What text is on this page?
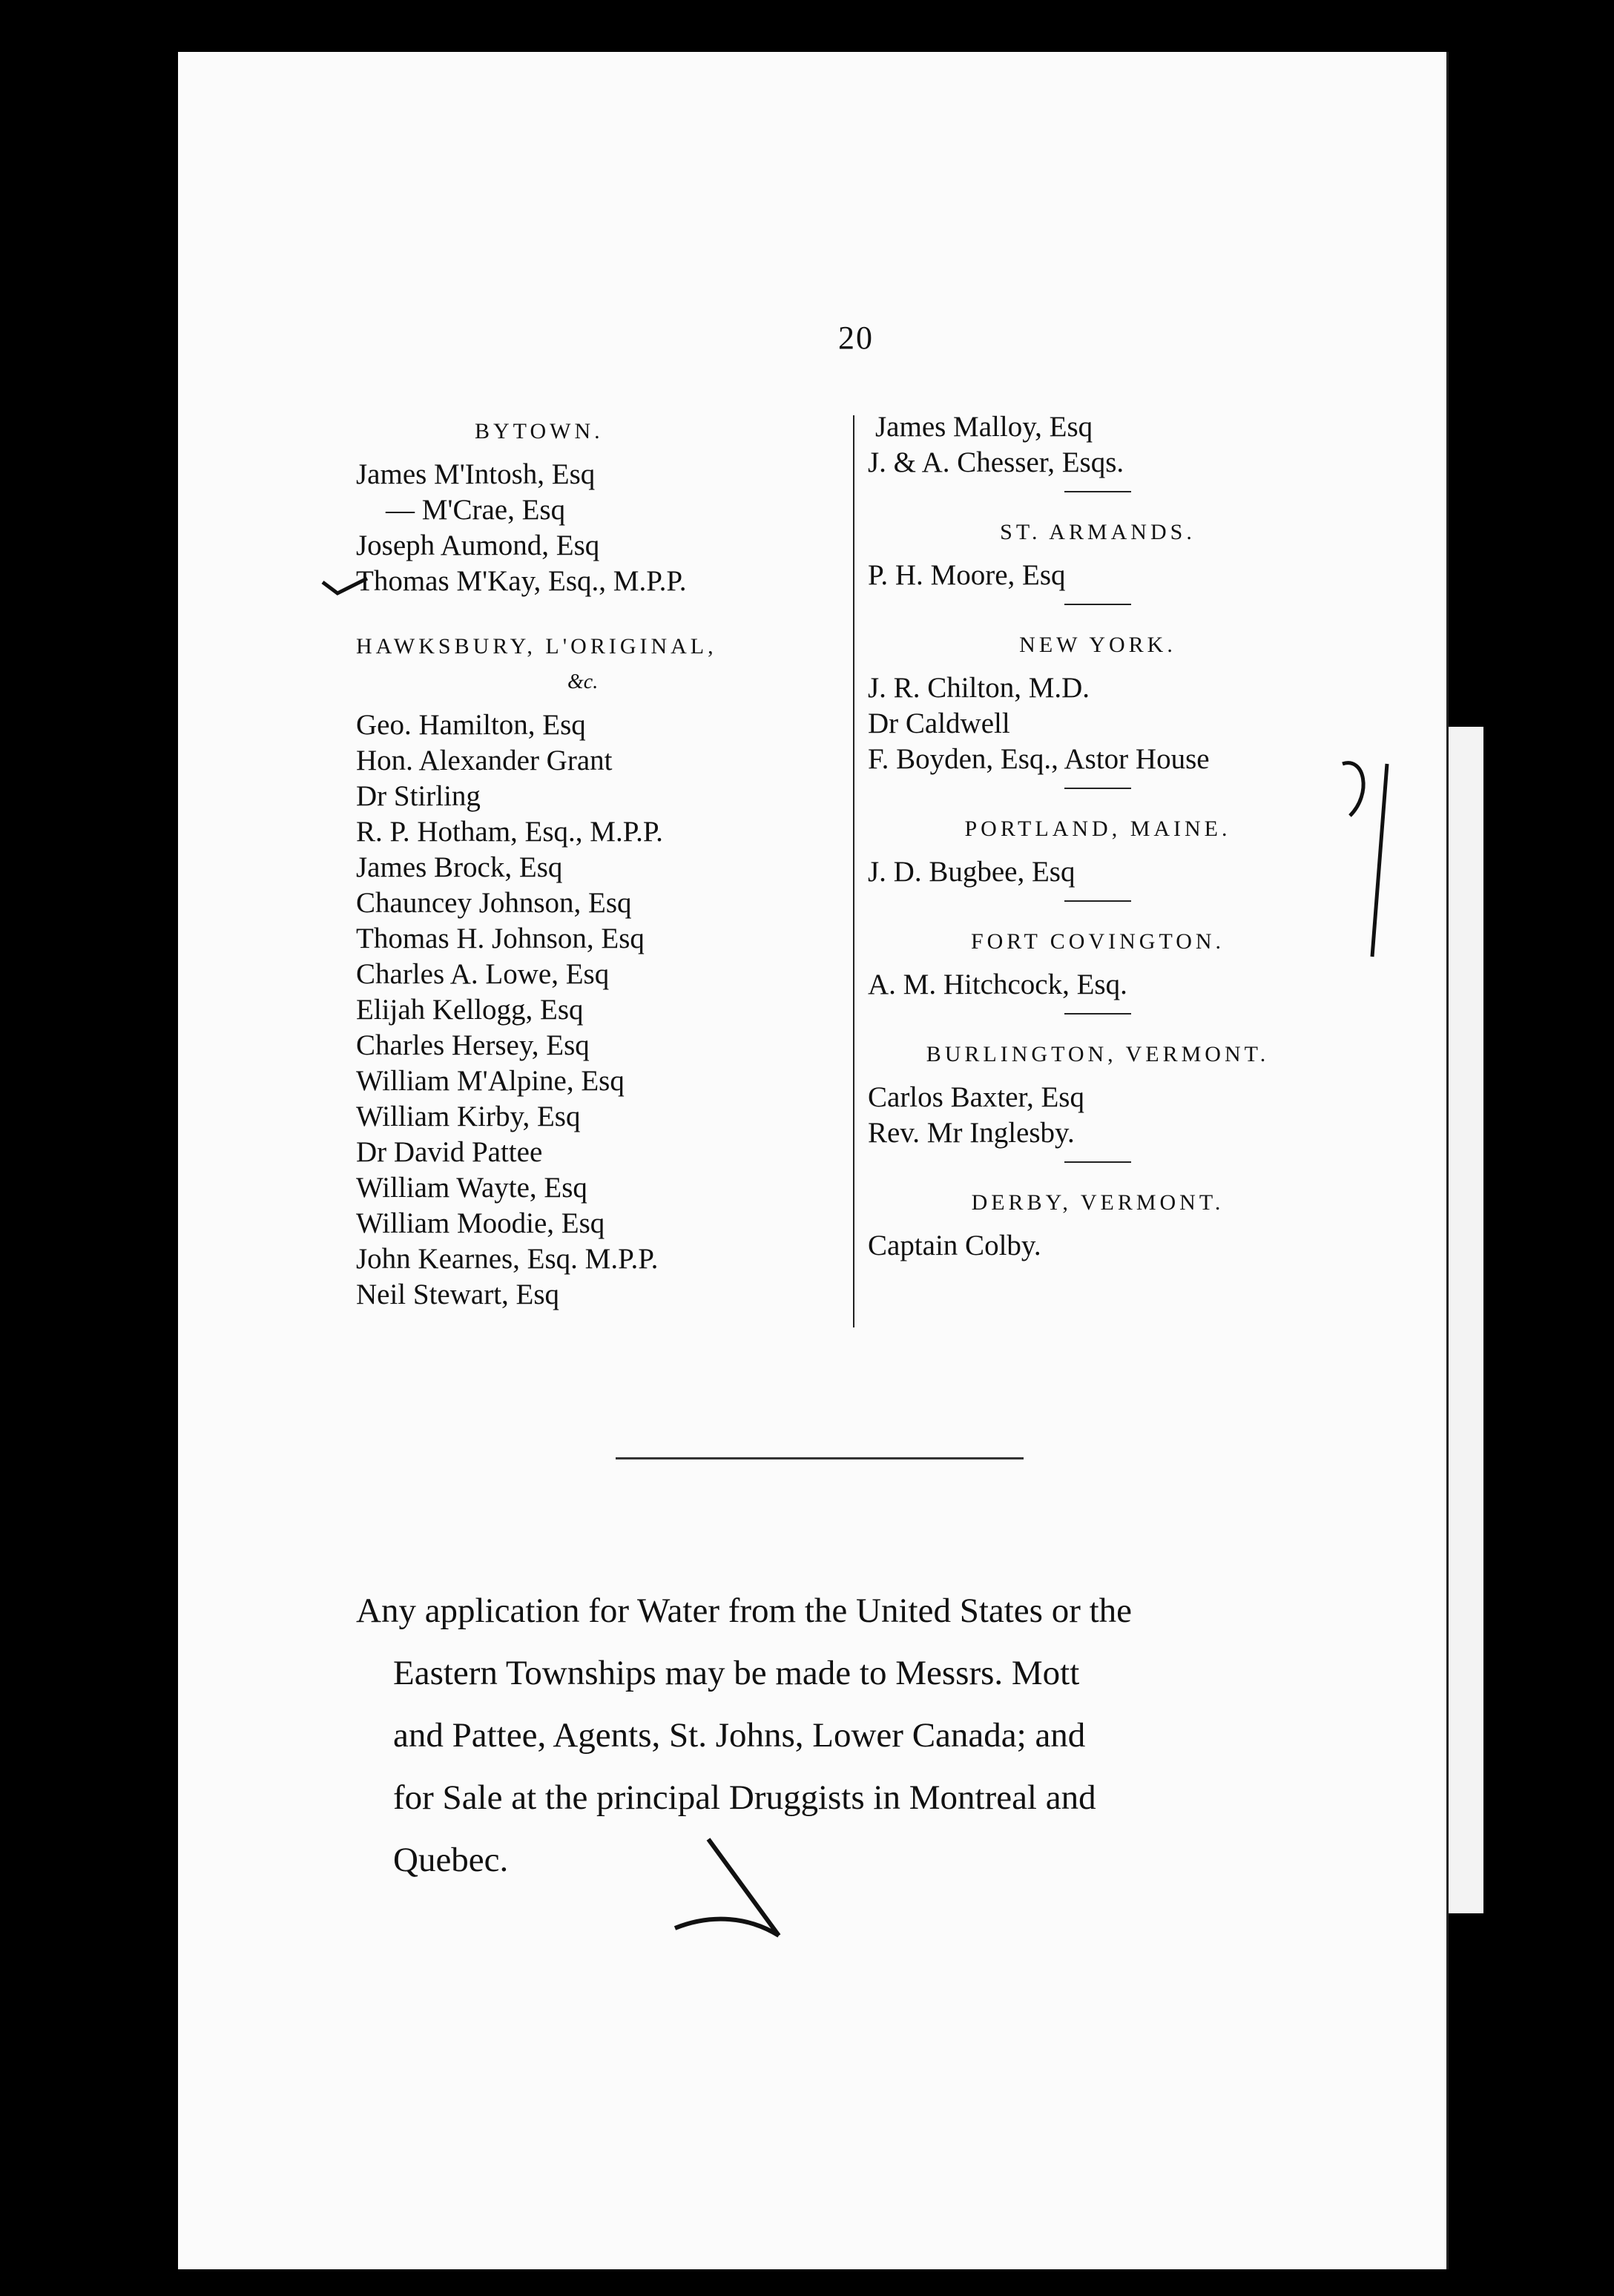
20
BYTOWN.
James M'Intosh, Esq
— M'Crae, Esq
Joseph Aumond, Esq
Thomas M'Kay, Esq., M.P.P.
HAWKSBURY, L'ORIGINAL,
&c.
Geo. Hamilton, Esq
Hon. Alexander Grant
Dr Stirling
R. P. Hotham, Esq., M.P.P.
James Brock, Esq
Chauncey Johnson, Esq
Thomas H. Johnson, Esq
Charles A. Lowe, Esq
Elijah Kellogg, Esq
Charles Hersey, Esq
William M'Alpine, Esq
William Kirby, Esq
Dr David Pattee
William Wayte, Esq
William Moodie, Esq
John Kearnes, Esq. M.P.P.
Neil Stewart, Esq
James Malloy, Esq
J. & A. Chesser, Esqs.
ST. ARMANDS.
P. H. Moore, Esq
NEW YORK.
J. R. Chilton, M.D.
Dr Caldwell
F. Boyden, Esq., Astor House
PORTLAND, MAINE.
J. D. Bugbee, Esq
FORT COVINGTON.
A. M. Hitchcock, Esq.
BURLINGTON, VERMONT.
Carlos Baxter, Esq
Rev. Mr Inglesby.
DERBY, VERMONT.
Captain Colby.
Any application for Water from the United States or the
Eastern Townships may be made to Messrs. Mott
and Pattee, Agents, St. Johns, Lower Canada; and
for Sale at the principal Druggists in Montreal and
Quebec.
